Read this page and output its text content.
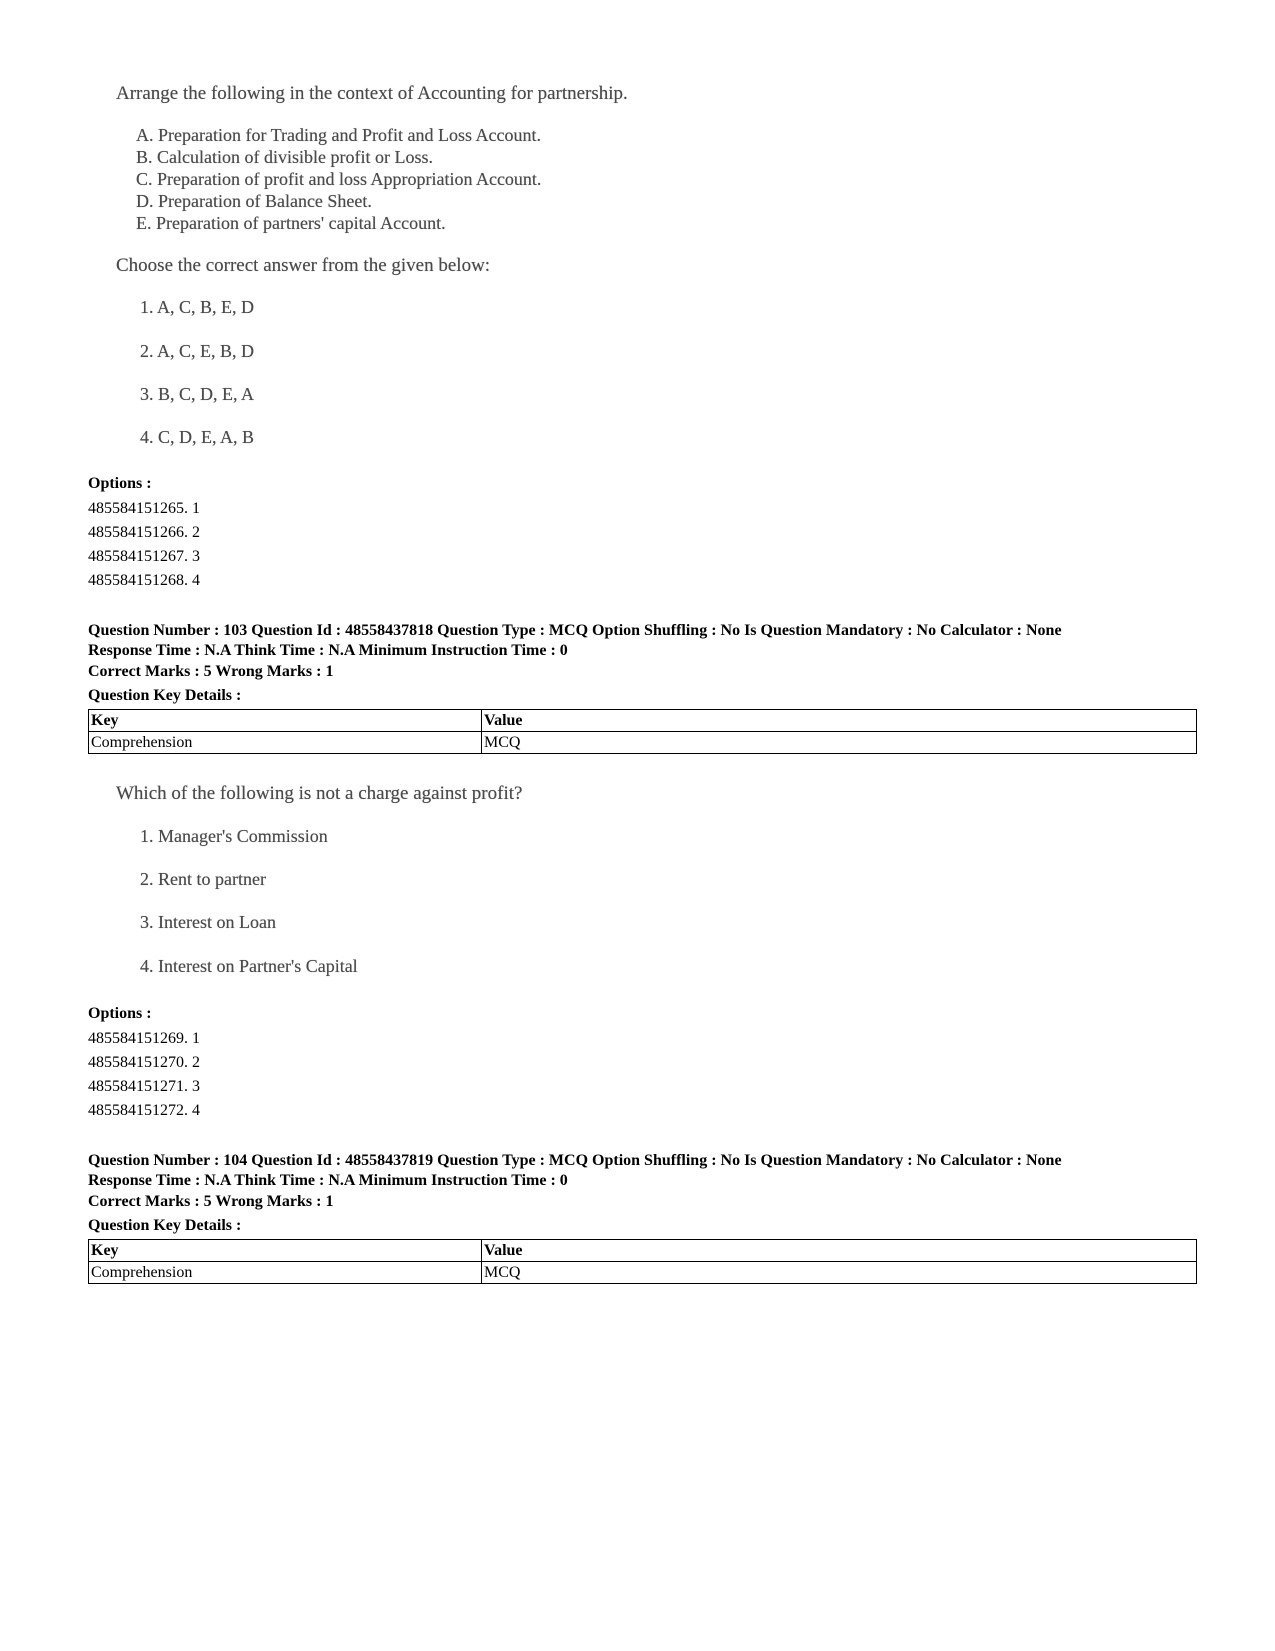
Arrange the following in the context of Accounting for partnership.
A. Preparation for Trading and Profit and Loss Account.
B. Calculation of divisible profit or Loss.
C. Preparation of profit and loss Appropriation Account.
D. Preparation of Balance Sheet.
E. Preparation of partners' capital Account.
Choose the correct answer from the given below:
1. A, C, B, E, D
2. A, C, E, B, D
3. B, C, D, E, A
4. C, D, E, A, B
Options :
485584151265. 1
485584151266. 2
485584151267. 3
485584151268. 4
Question Number : 103 Question Id : 48558437818 Question Type : MCQ Option Shuffling : No Is Question Mandatory : No Calculator : None
Response Time : N.A Think Time : N.A Minimum Instruction Time : 0
Correct Marks : 5 Wrong Marks : 1
Question Key Details :
Key	Value
Comprehension	MCQ
Which of the following is not a charge against profit?
1. Manager's Commission
2. Rent to partner
3. Interest on Loan
4. Interest on Partner's Capital
Options :
485584151269. 1
485584151270. 2
485584151271. 3
485584151272. 4
Question Number : 104 Question Id : 48558437819 Question Type : MCQ Option Shuffling : No Is Question Mandatory : No Calculator : None
Response Time : N.A Think Time : N.A Minimum Instruction Time : 0
Correct Marks : 5 Wrong Marks : 1
Question Key Details :
Key	Value
Comprehension	MCQ
